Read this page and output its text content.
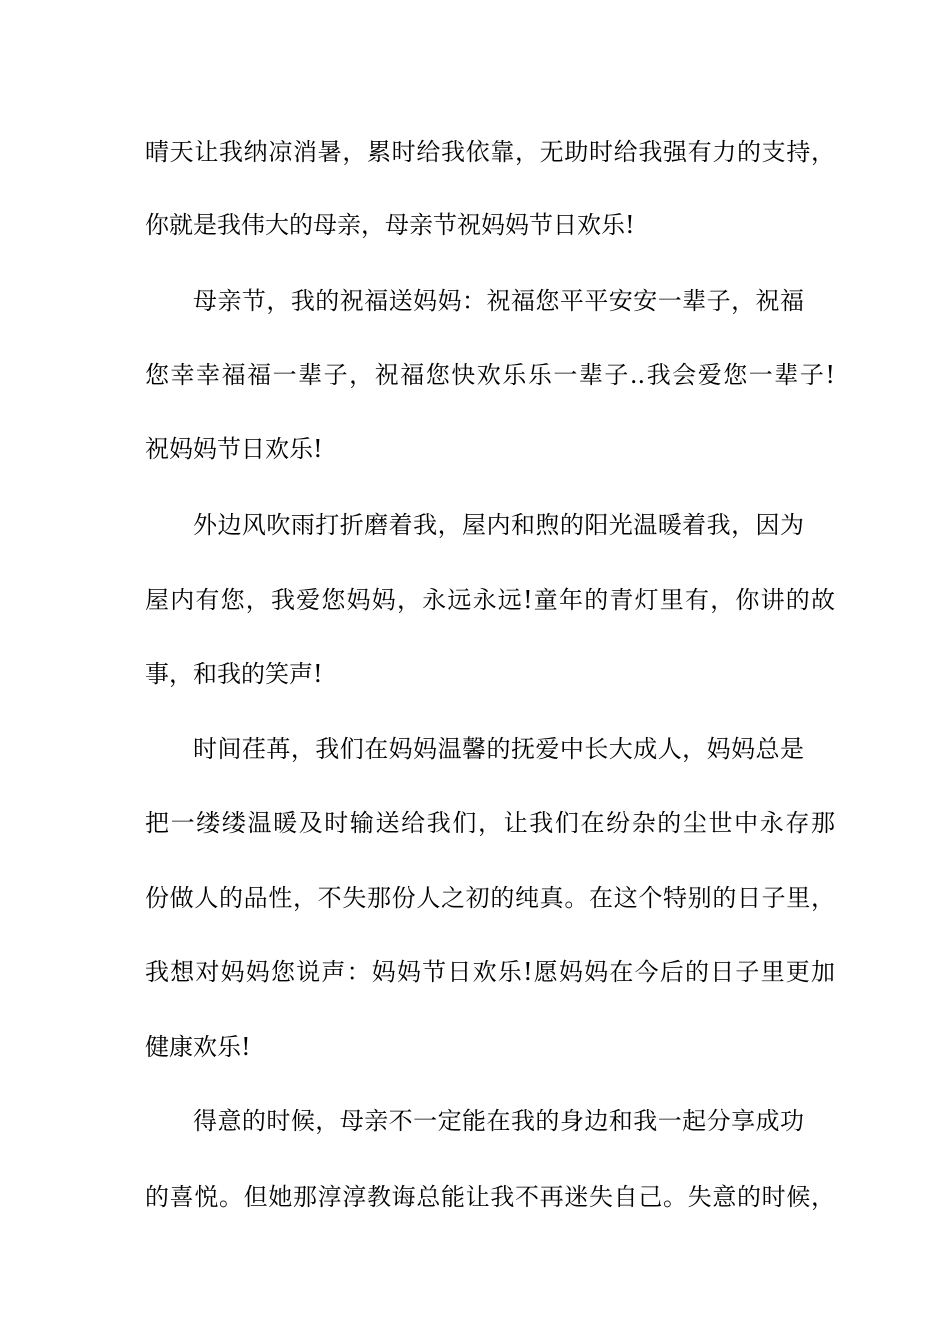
晴天让我纳凉消暑，累时给我依靠，无助时给我强有力的支持，
你就是我伟大的母亲，母亲节祝妈妈节日欢乐!
母亲节，我的祝福送妈妈：祝福您平平安安一辈子，祝福
您幸幸福福一辈子，祝福您快欢乐乐一辈子..我会爱您一辈子!
祝妈妈节日欢乐!
外边风吹雨打折磨着我，屋内和煦的阳光温暖着我，因为
屋内有您，我爱您妈妈，永远永远!童年的青灯里有，你讲的故
事，和我的笑声!
时间荏苒，我们在妈妈温馨的抚爱中长大成人，妈妈总是
把一缕缕温暖及时输送给我们，让我们在纷杂的尘世中永存那
份做人的品性，不失那份人之初的纯真。在这个特别的日子里，
我想对妈妈您说声：妈妈节日欢乐!愿妈妈在今后的日子里更加
健康欢乐!
得意的时候，母亲不一定能在我的身边和我一起分享成功
的喜悦。但她那淳淳教诲总能让我不再迷失自己。失意的时候，
